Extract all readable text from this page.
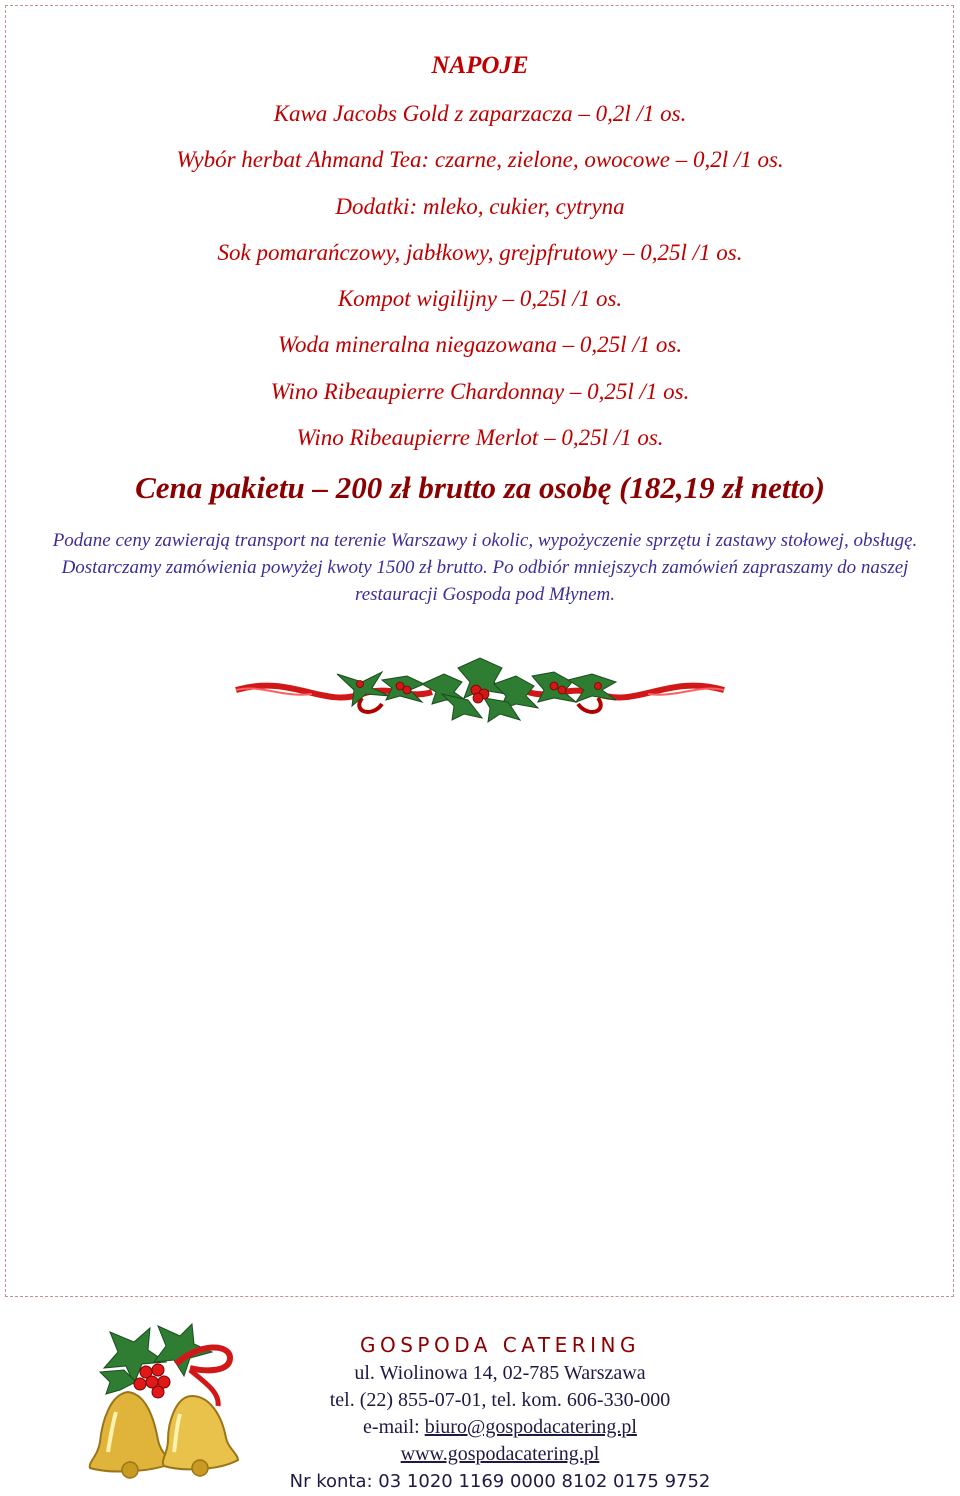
NAPOJE
Kawa Jacobs Gold z zaparzacza – 0,2l /1 os.
Wybór herbat Ahmand Tea: czarne, zielone, owocowe – 0,2l /1 os.
Dodatki: mleko, cukier, cytryna
Sok pomarańczowy, jabłkowy, grejpfrutowy – 0,25l /1 os.
Kompot wigilijny – 0,25l /1 os.
Woda mineralna niegazowana – 0,25l /1 os.
Wino Ribeaupierre Chardonnay – 0,25l /1 os.
Wino Ribeaupierre Merlot – 0,25l /1 os.
Cena pakietu – 200 zł brutto za osobę (182,19 zł netto)

Podane ceny zawierają transport na terenie Warszawy i okolic, wypożyczenie sprzętu i zastawy stołowej, obsługę. Dostarczamy zamówienia powyżej kwoty 1500 zł brutto. Po odbiór mniejszych zamówień zapraszamy do naszej restauracji Gospoda pod Młynem.

GOSPODA CATERING
ul. Wiolinowa 14, 02-785 Warszawa
tel. (22) 855-07-01, tel. kom. 606-330-000
e-mail: biuro@gospodacatering.pl
www.gospodacatering.pl
Nr konta: 03 1020 1169 0000 8102 0175 9752
